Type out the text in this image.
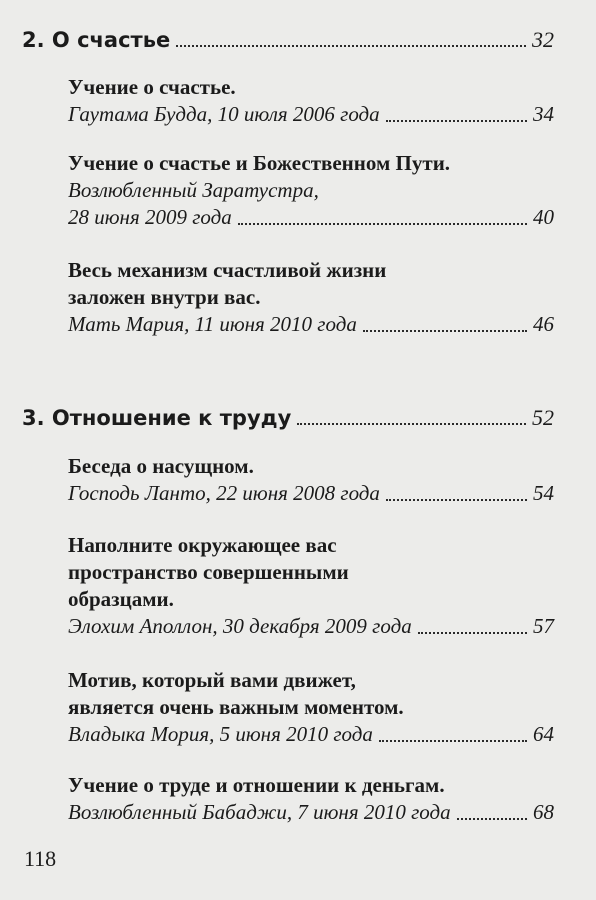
2. О счастье	32
Учение о счастье.
Гаутама Будда, 10 июля 2006 года	34
Учение о счастье и Божественном Пути.
Возлюбленный Заратустра,
28 июня 2009 года	40
Весь механизм счастливой жизни
заложен внутри вас.
Мать Мария, 11 июня 2010 года	46
3. Отношение к труду	52
Беседа о насущном.
Господь Ланто, 22 июня 2008 года	54
Наполните окружающее вас
пространство совершенными
образцами.
Элохим Аполлон, 30 декабря 2009 года	57
Мотив, который вами движет,
является очень важным моментом.
Владыка Мория, 5 июня 2010 года	64
Учение о труде и отношении к деньгам.
Возлюбленный Бабаджи, 7 июня 2010 года	68
118
